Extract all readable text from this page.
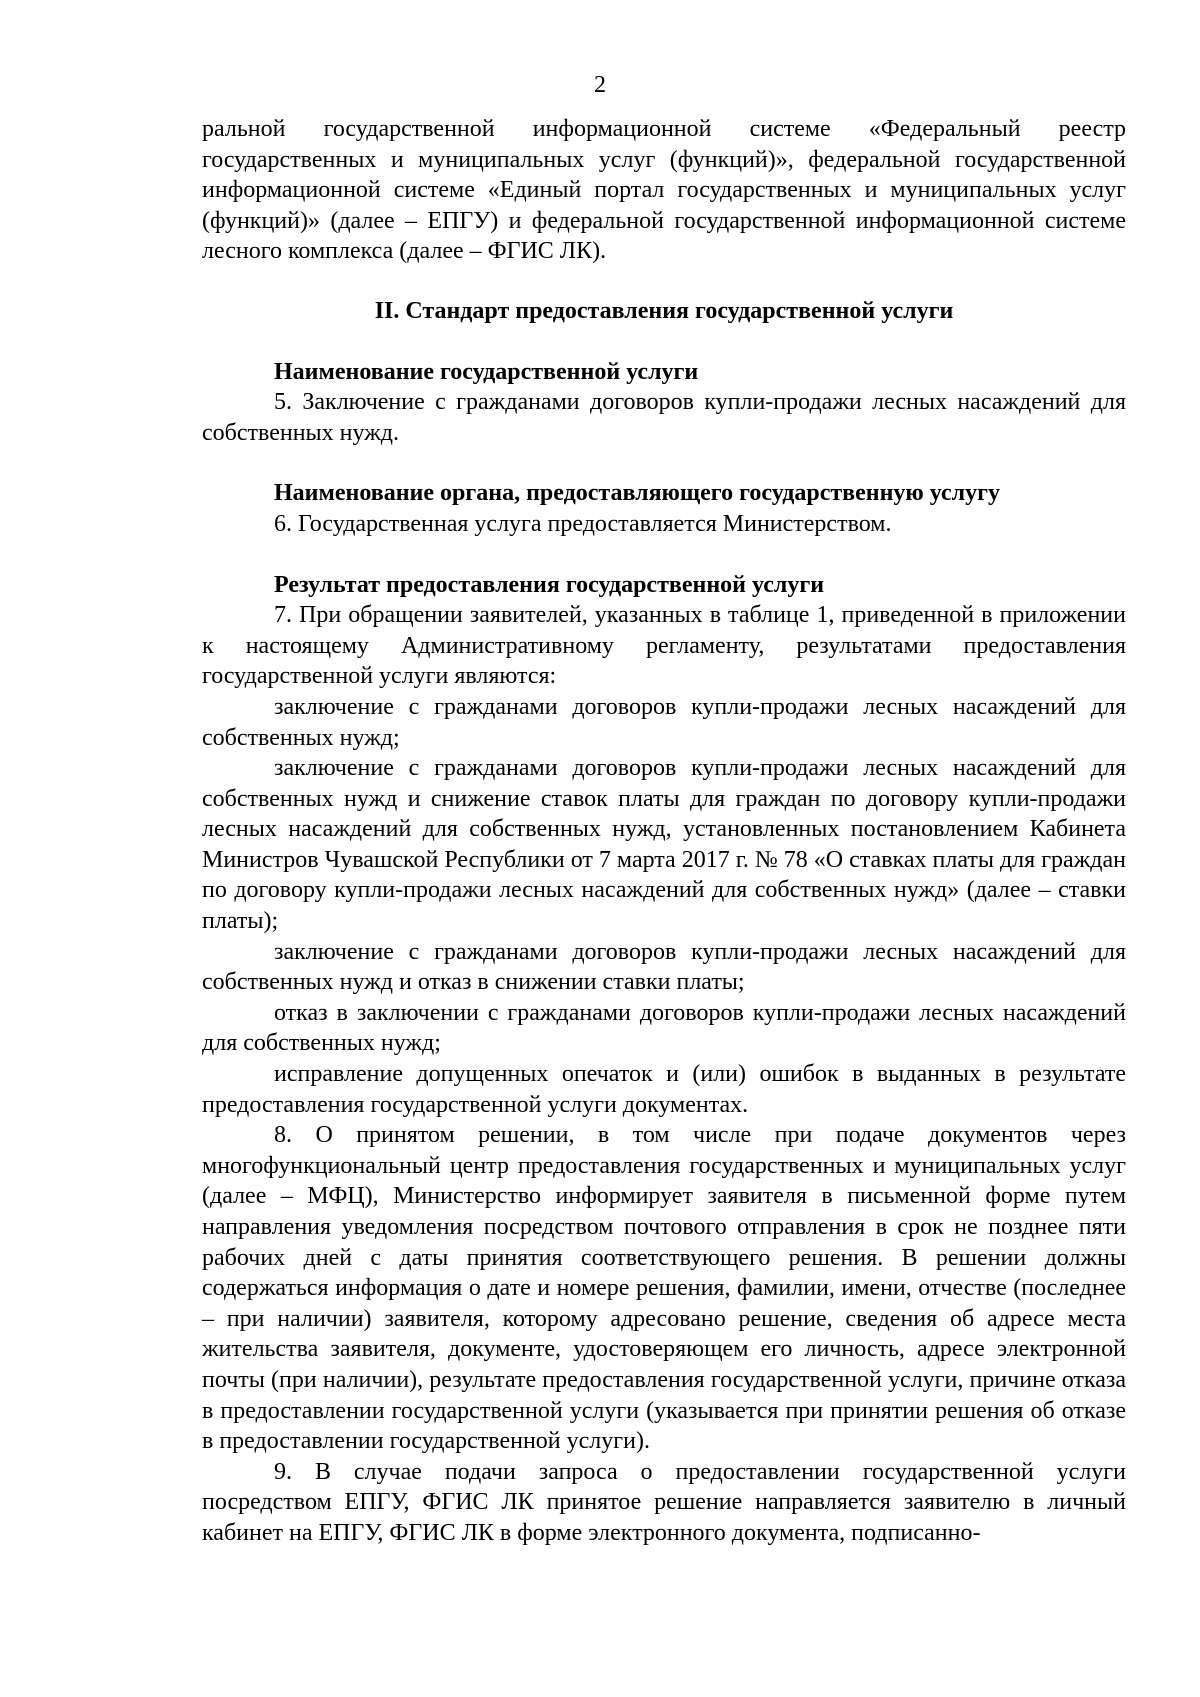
2

ральной государственной информационной системе «Федеральный реестр государственных и муниципальных услуг (функций)», федеральной государственной информационной системе «Единый портал государственных и муниципальных услуг (функций)» (далее – ЕПГУ) и федеральной государственной информационной системе лесного комплекса (далее – ФГИС ЛК).

II. Стандарт предоставления государственной услуги

Наименование государственной услуги

5. Заключение с гражданами договоров купли-продажи лесных насаждений для собственных нужд.

Наименование органа, предоставляющего государственную услугу

6. Государственная услуга предоставляется Министерством.

Результат предоставления государственной услуги

7. При обращении заявителей, указанных в таблице 1, приведенной в приложении к настоящему Административному регламенту, результатами предоставления государственной услуги являются:

заключение с гражданами договоров купли-продажи лесных насаждений для собственных нужд;

заключение с гражданами договоров купли-продажи лесных насаждений для собственных нужд и снижение ставок платы для граждан по договору купли-продажи лесных насаждений для собственных нужд, установленных постановлением Кабинета Министров Чувашской Республики от 7 марта 2017 г. № 78 «О ставках платы для граждан по договору купли-продажи лесных насаждений для собственных нужд» (далее – ставки платы);

заключение с гражданами договоров купли-продажи лесных насаждений для собственных нужд и отказ в снижении ставки платы;

отказ в заключении с гражданами договоров купли-продажи лесных насаждений для собственных нужд;

исправление допущенных опечаток и (или) ошибок в выданных в результате предоставления государственной услуги документах.

8. О принятом решении, в том числе при подаче документов через многофункциональный центр предоставления государственных и муниципальных услуг (далее – МФЦ), Министерство информирует заявителя в письменной форме путем направления уведомления посредством почтового отправления в срок не позднее пяти рабочих дней с даты принятия соответствующего решения. В решении должны содержаться информация о дате и номере решения, фамилии, имени, отчестве (последнее – при наличии) заявителя, которому адресовано решение, сведения об адресе места жительства заявителя, документе, удостоверяющем его личность, адресе электронной почты (при наличии), результате предоставления государственной услуги, причине отказа в предоставлении государственной услуги (указывается при принятии решения об отказе в предоставлении государственной услуги).

9. В случае подачи запроса о предоставлении государственной услуги посредством ЕПГУ, ФГИС ЛК принятое решение направляется заявителю в личный кабинет на ЕПГУ, ФГИС ЛК в форме электронного документа, подписанно-
